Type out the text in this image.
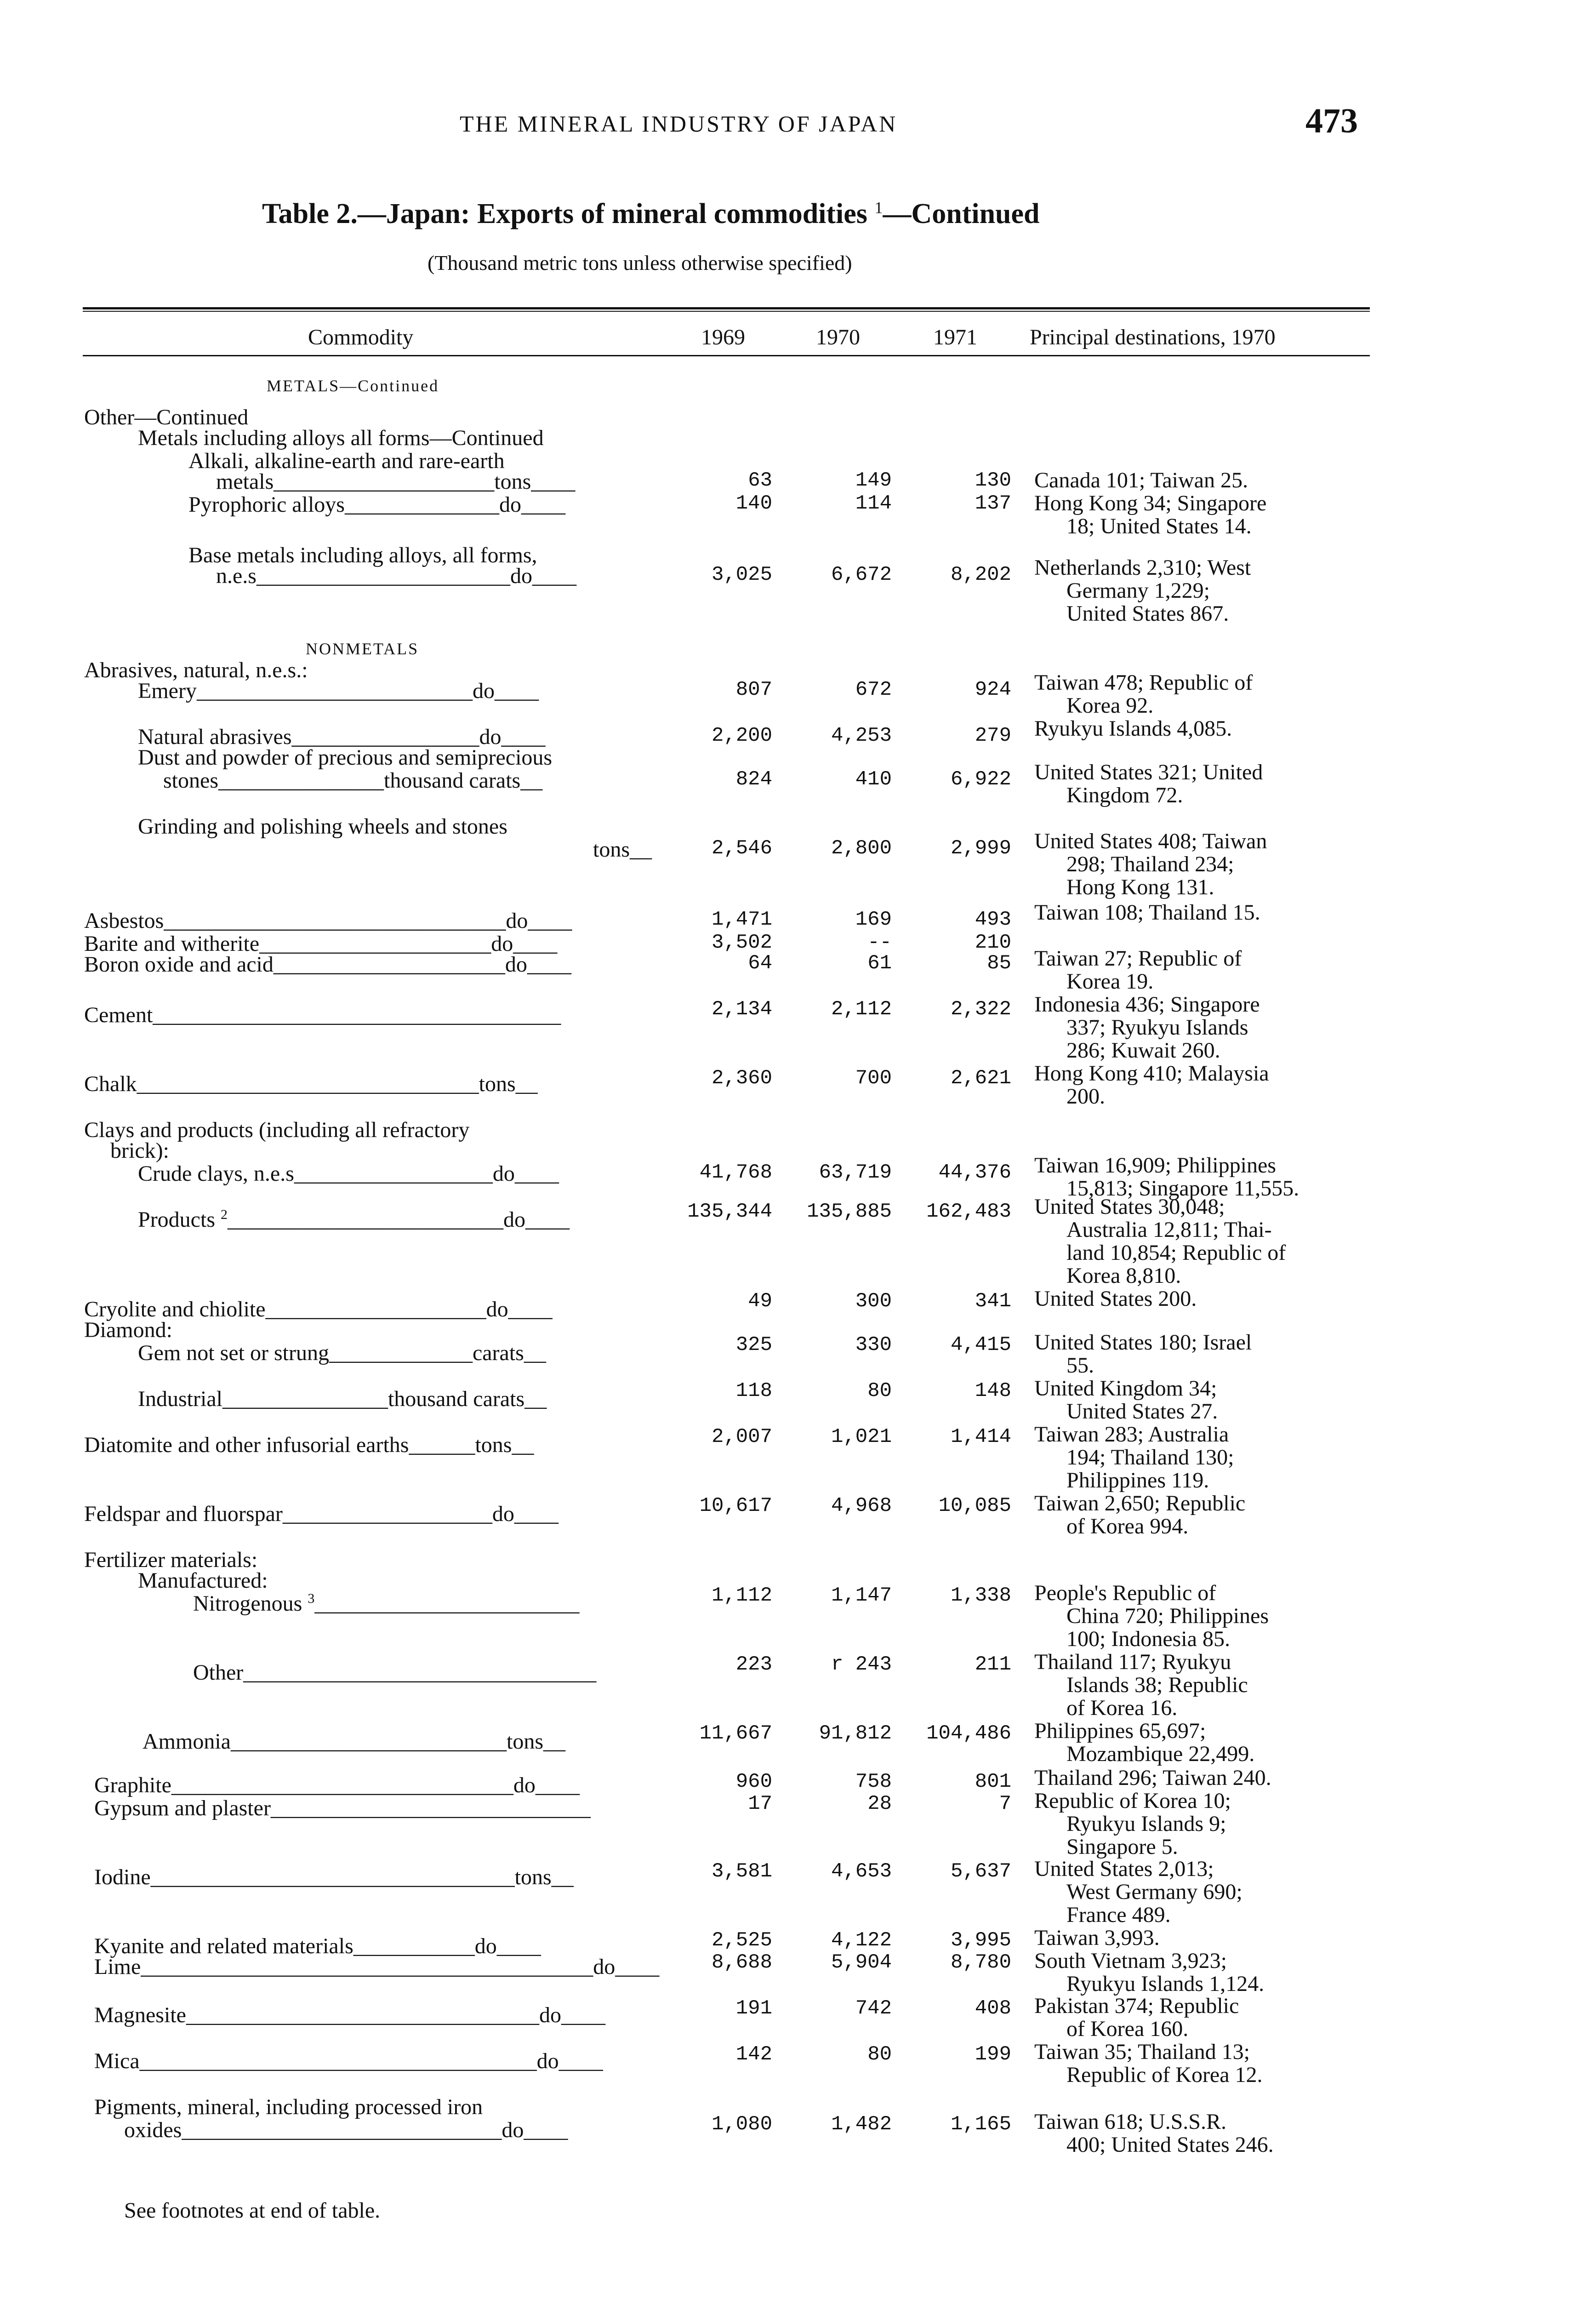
THE MINERAL INDUSTRY OF JAPAN	473
Table 2.—Japan: Exports of mineral commodities $^1$—Continued
(Thousand metric tons unless otherwise specified)
Commodity	1969	1970	1971 Principal destinations, 1970
METALS—Continued
Other—Continued
Metals including alloys all forms—Continued
Alkali, alkaline-earth and rare-earth
metals____________________tons____	63	149	130 Canada 101; Taiwan 25.
Pyrophoric alloys______________do____	140	114	137 Hong Kong 34; Singapore
18; United States 14.
Base metals including alloys, all forms,
n.e.s_______________________do____	3,025	6,672	8,202 Netherlands 2,310; West
Germany 1,229;
United States 867.
NONMETALS
Abrasives, natural, n.e.s.:
Emery_________________________do____	807	672	924 Taiwan 478; Republic of
Korea 92.
Natural abrasives_________________do____	2,200	4,253	279 Ryukyu Islands 4,085.
Dust and powder of precious and semiprecious
stones_______________thousand carats__	824	410	6,922 United States 321; United
Kingdom 72.
Grinding and polishing wheels and stones
tons__	2,546	2,800	2,999 United States 408; Taiwan
298; Thailand 234;
Hong Kong 131.
Asbestos_______________________________do____	1,471	169	493 Taiwan 108; Thailand 15.
Barite and witherite_____________________do____	3,502	--	210
Boron oxide and acid_____________________do____	64	61	85 Taiwan 27; Republic of
Korea 19.
Cement_____________________________________	2,134	2,112	2,322 Indonesia 436; Singapore
337; Ryukyu Islands
286; Kuwait 260.
Chalk_______________________________tons__	2,360	700	2,621 Hong Kong 410; Malaysia
200.
Clays and products (including all refractory
brick):
Crude clays, n.e.s__________________do____	41,768	63,719	44,376 Taiwan 16,909; Philippines
15,813; Singapore 11,555.
Products $^2$_________________________do____	135,344	135,885	162,483 United States 30,048;
Australia 12,811; Thai-
land 10,854; Republic of
Korea 8,810.
Cryolite and chiolite____________________do____	49	300	341 United States 200.
Diamond:
Gem not set or strung_____________carats__	325	330	4,415 United States 180; Israel
55.
Industrial_______________thousand carats__	118	80	148 United Kingdom 34;
United States 27.
Diatomite and other infusorial earths______tons__	2,007	1,021	1,414 Taiwan 283; Australia
194; Thailand 130;
Philippines 119.
Feldspar and fluorspar___________________do____	10,617	4,968	10,085 Taiwan 2,650; Republic
of Korea 994.
Fertilizer materials:
Manufactured:
Nitrogenous $^3$________________________	1,112	1,147	1,338 People's Republic of
China 720; Philippines
100; Indonesia 85.
Other________________________________	223	r 243	211 Thailand 117; Ryukyu
Islands 38; Republic
of Korea 16.
Ammonia_________________________tons__	11,667	91,812	104,486 Philippines 65,697;
Mozambique 22,499.
Graphite_______________________________do____	960	758	801 Thailand 296; Taiwan 240.
Gypsum and plaster_____________________________	17	28	7 Republic of Korea 10;
Ryukyu Islands 9;
Singapore 5.
Iodine_________________________________tons__	3,581	4,653	5,637 United States 2,013;
West Germany 690;
France 489.
Kyanite and related materials___________do____	2,525	4,122	3,995 Taiwan 3,993.
Lime_________________________________________do____	8,688	5,904	8,780 South Vietnam 3,923;
Ryukyu Islands 1,124.
Magnesite________________________________do____	191	742	408 Pakistan 374; Republic
of Korea 160.
Mica____________________________________do____	142	80	199 Taiwan 35; Thailand 13;
Republic of Korea 12.
Pigments, mineral, including processed iron
oxides_____________________________do____	1,080	1,482	1,165 Taiwan 618; U.S.S.R.
400; United States 246.
See footnotes at end of table.
